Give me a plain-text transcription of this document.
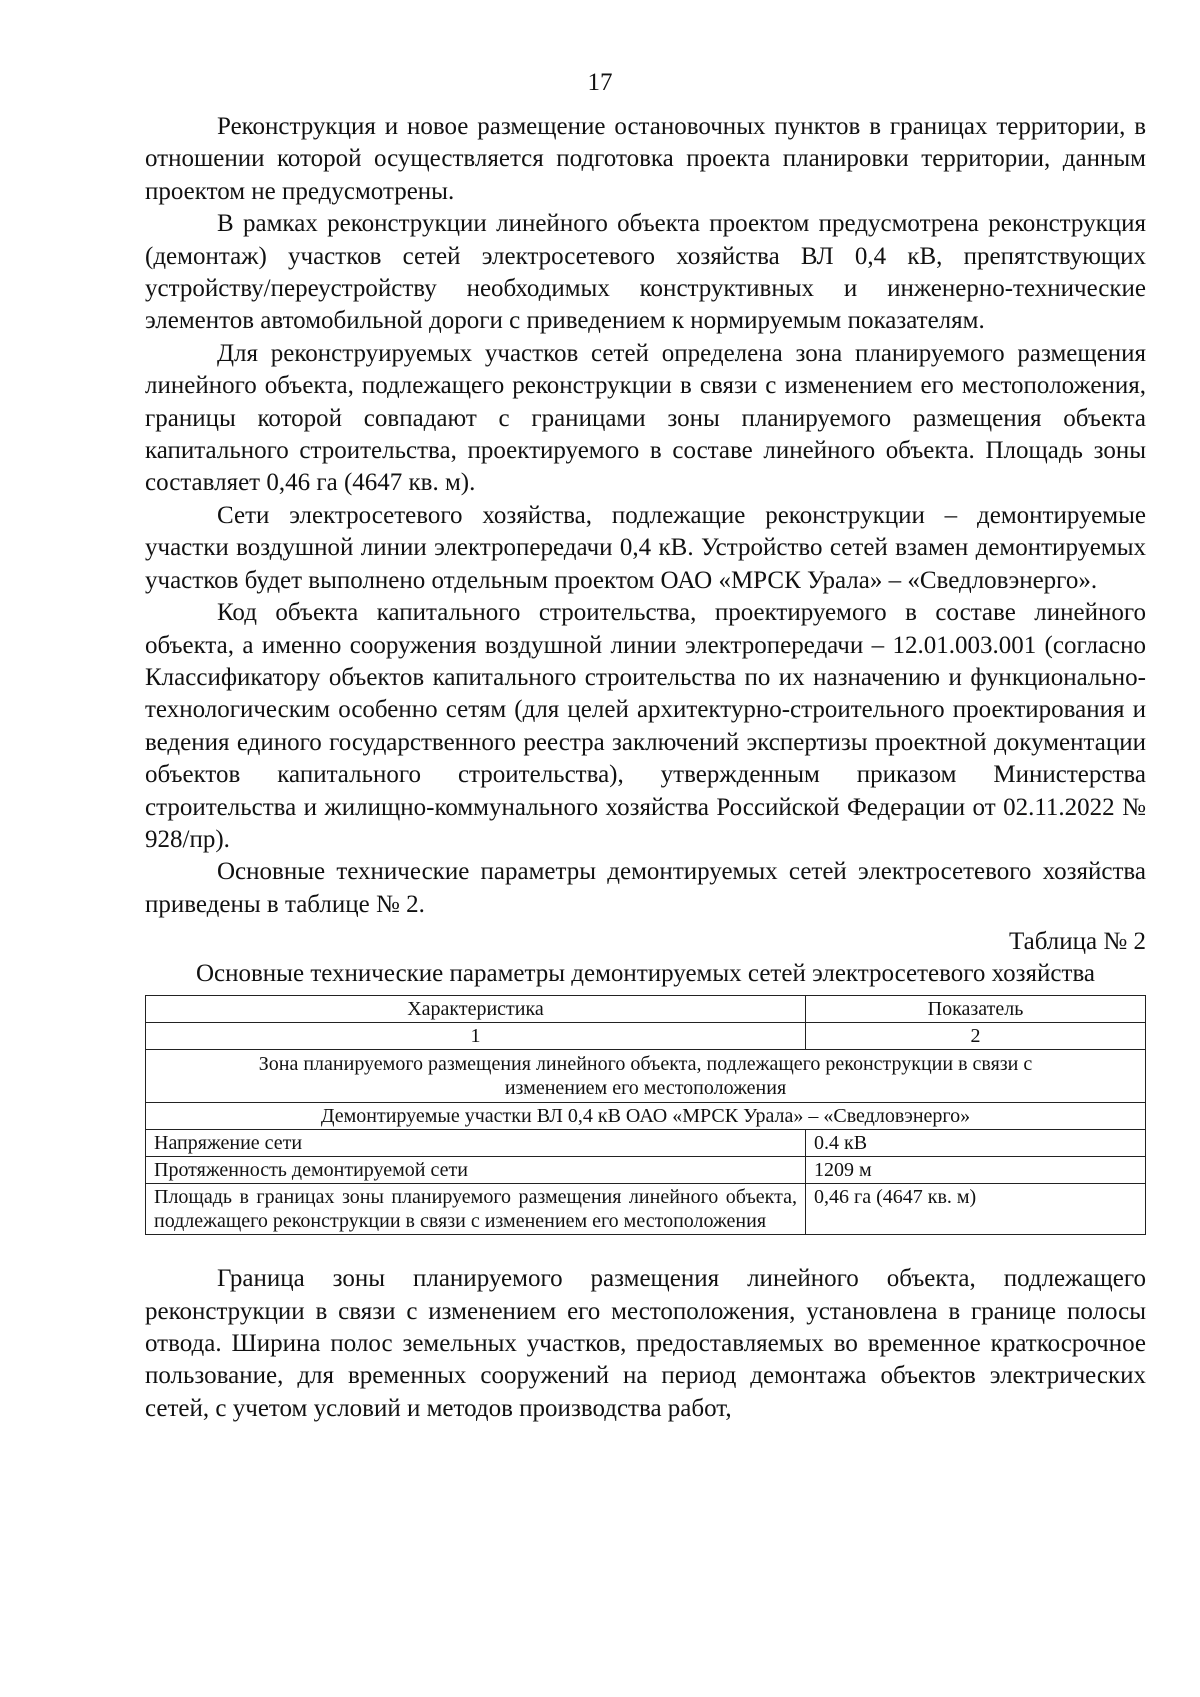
17

Реконструкция и новое размещение остановочных пунктов в границах территории, в отношении которой осуществляется подготовка проекта планировки территории, данным проектом не предусмотрены.

В рамках реконструкции линейного объекта проектом предусмотрена реконструкция (демонтаж) участков сетей электросетевого хозяйства ВЛ 0,4 кВ, препятствующих устройству/переустройству необходимых конструктивных и инженерно-технические элементов автомобильной дороги с приведением к нормируемым показателям.

Для реконструируемых участков сетей определена зона планируемого размещения линейного объекта, подлежащего реконструкции в связи с изменением его местоположения, границы которой совпадают с границами зоны планируемого размещения объекта капитального строительства, проектируемого в составе линейного объекта. Площадь зоны составляет 0,46 га (4647 кв. м).

Сети электросетевого хозяйства, подлежащие реконструкции – демонтируемые участки воздушной линии электропередачи 0,4 кВ. Устройство сетей взамен демонтируемых участков будет выполнено отдельным проектом ОАО «МРСК Урала» – «Сведловэнерго».

Код объекта капитального строительства, проектируемого в составе линейного объекта, а именно сооружения воздушной линии электропередачи – 12.01.003.001 (согласно Классификатору объектов капитального строительства по их назначению и функционально-технологическим особенно сетям (для целей архитектурно-строительного проектирования и ведения единого государственного реестра заключений экспертизы проектной документации объектов капитального строительства), утвержденным приказом Министерства строительства и жилищно-коммунального хозяйства Российской Федерации от 02.11.2022 № 928/пр).

Основные технические параметры демонтируемых сетей электросетевого хозяйства приведены в таблице № 2.

Таблица № 2
Основные технические параметры демонтируемых сетей электросетевого хозяйства
Характеристика	Показатель
1	2
Зона планируемого размещения линейного объекта, подлежащего реконструкции в связи с изменением его местоположения	
Демонтируемые участки ВЛ 0,4 кВ ОАО «МРСК Урала» – «Сведловэнерго»	
Напряжение сети	0.4 кВ
Протяженность демонтируемой сети	1209 м
Площадь в границах зоны планируемого размещения линейного объекта, подлежащего реконструкции в связи с изменением его местоположения	0,46 га (4647 кв. м)

Граница зоны планируемого размещения линейного объекта, подлежащего реконструкции в связи с изменением его местоположения, установлена в границе полосы отвода. Ширина полос земельных участков, предоставляемых во временное краткосрочное пользование, для временных сооружений на период демонтажа объектов электрических сетей, с учетом условий и методов производства работ,
